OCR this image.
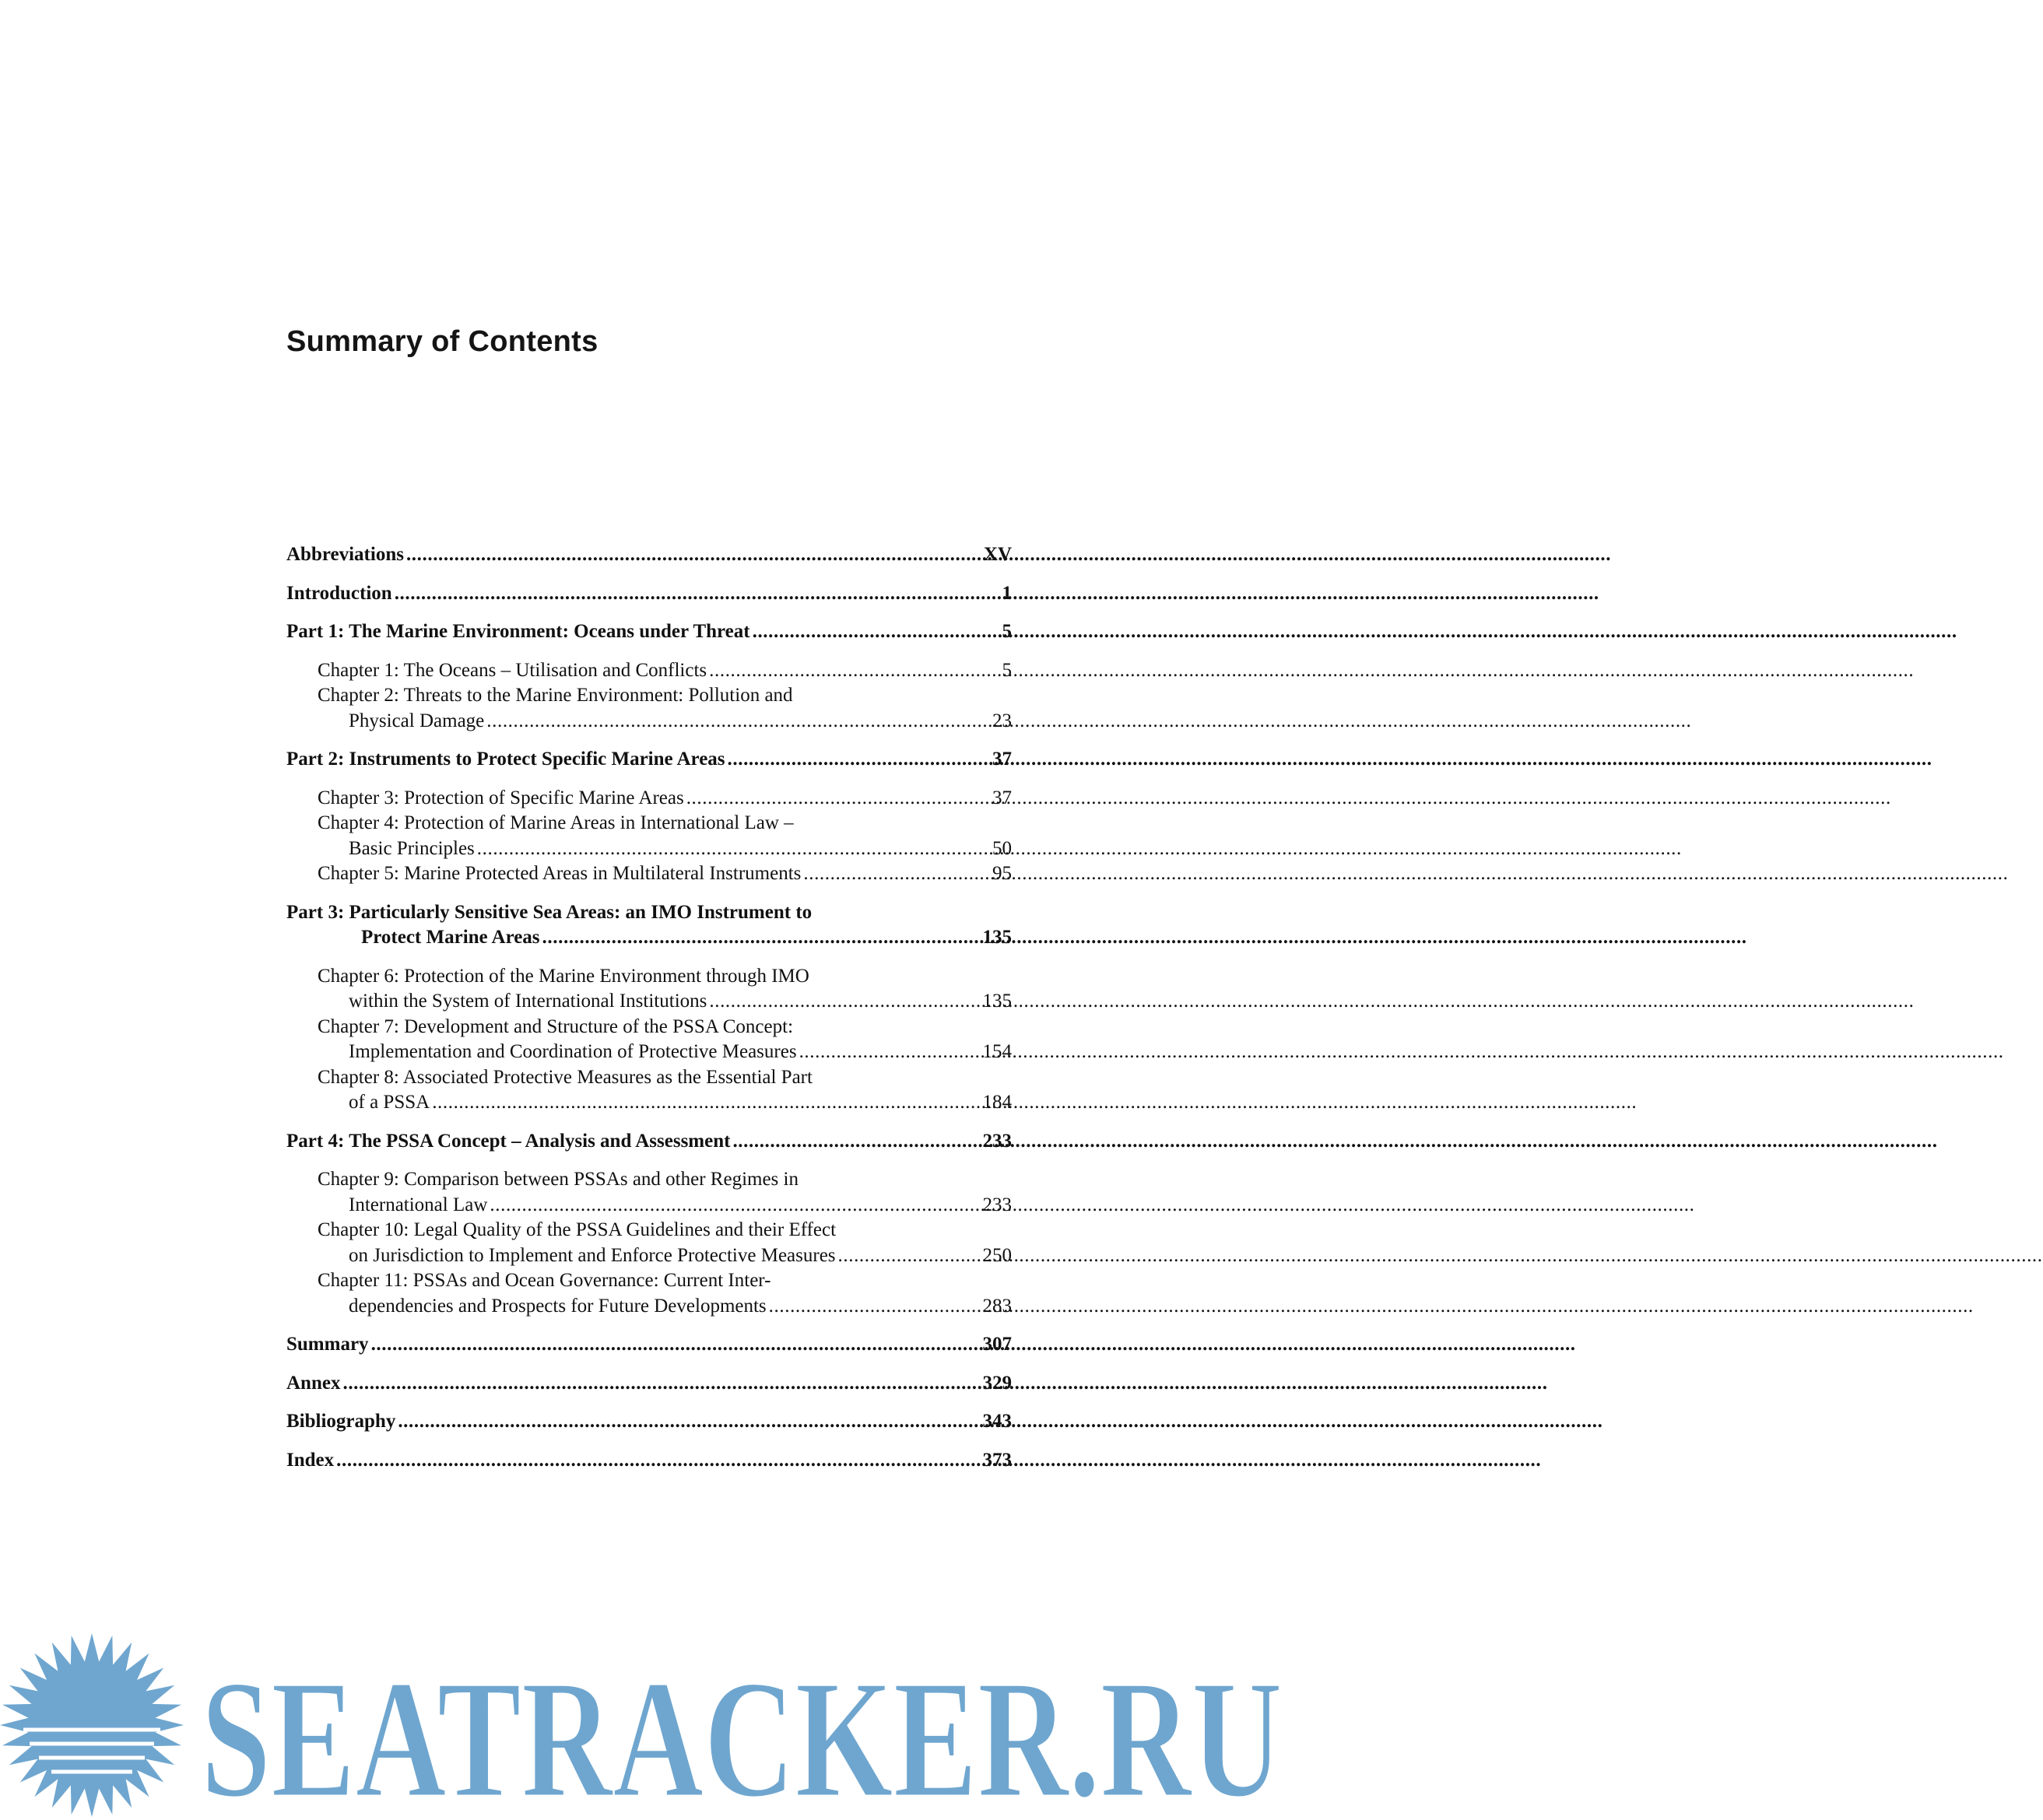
Summary of Contents
Abbreviations .....	XV
Introduction .....	1
Part 1: The Marine Environment: Oceans under Threat .....	5
Chapter 1: The Oceans – Utilisation and Conflicts .....	5
Chapter 2: Threats to the Marine Environment: Pollution and
Physical Damage .....	23
Part 2: Instruments to Protect Specific Marine Areas .....	37
Chapter 3: Protection of Specific Marine Areas .....	37
Chapter 4: Protection of Marine Areas in International Law –
Basic Principles .....	50
Chapter 5: Marine Protected Areas in Multilateral Instruments .....	95
Part 3: Particularly Sensitive Sea Areas: an IMO Instrument to
Protect Marine Areas .....	135
Chapter 6: Protection of the Marine Environment through IMO
within the System of International Institutions .....	135
Chapter 7: Development and Structure of the PSSA Concept:
Implementation and Coordination of Protective Measures .....	154
Chapter 8: Associated Protective Measures as the Essential Part
of a PSSA .....	184
Part 4: The PSSA Concept – Analysis and Assessment .....	233
Chapter 9: Comparison between PSSAs and other Regimes in
International Law .....	233
Chapter 10: Legal Quality of the PSSA Guidelines and their Effect
on Jurisdiction to Implement and Enforce Protective Measures .....	250
Chapter 11: PSSAs and Ocean Governance: Current Inter-
dependencies and Prospects for Future Developments .....	283
Summary .....	307
Annex .....	329
Bibliography .....	343
Index .....	373
SEATRACKER.RU
